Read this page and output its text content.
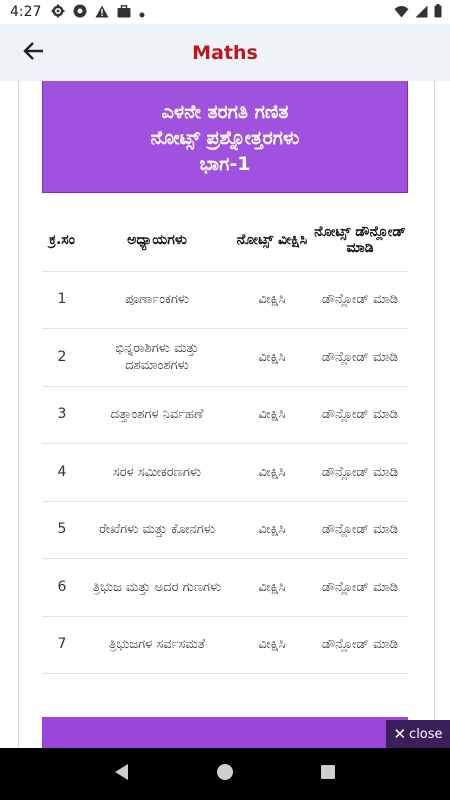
4:27
Maths
ಎಳನೇ ತರಗತಿ ಗಣಿತ
ನೋಟ್ಸ್ ಪ್ರಶ್ನೋತ್ತರಗಳು
ಭಾಗ-1
ಕ್ರ.ಸಂ	ಅಧ್ಯಾಯಗಳು	ನೋಟ್ಸ್ ವೀಕ್ಷಿಸಿ	ನೋಟ್ಸ್ ಡೌನ್ಲೋಡ್ ಮಾಡಿ
1	ಪೂರ್ಣಾಂಕಗಳು	ವೀಕ್ಷಿಸಿ	ಡೌನ್ಲೋಡ್ ಮಾಡಿ
2	ಭಿನ್ನರಾಶಿಗಳು ಮತ್ತು ದಶಮಾಂಶಗಳು	ವೀಕ್ಷಿಸಿ	ಡೌನ್ಲೋಡ್ ಮಾಡಿ
3	ದತ್ತಾಂಶಗಳ ನಿರ್ವಹಣೆ	ವೀಕ್ಷಿಸಿ	ಡೌನ್ಲೋಡ್ ಮಾಡಿ
4	ಸರಳ ಸಮೀಕರಣಗಳು	ವೀಕ್ಷಿಸಿ	ಡೌನ್ಲೋಡ್ ಮಾಡಿ
5	ರೇಖೆಗಳು ಮತ್ತು ಕೋನಗಳು	ವೀಕ್ಷಿಸಿ	ಡೌನ್ಲೋಡ್ ಮಾಡಿ
6	ತ್ರಿಭುಜ ಮತ್ತು ಅದರ ಗುಣಗಳು	ವೀಕ್ಷಿಸಿ	ಡೌನ್ಲೋಡ್ ಮಾಡಿ
7	ತ್ರಿಭುಜಗಳ ಸರ್ವಸಮತೆ	ವೀಕ್ಷಿಸಿ	ಡೌನ್ಲೋಡ್ ಮಾಡಿ
✕ close
